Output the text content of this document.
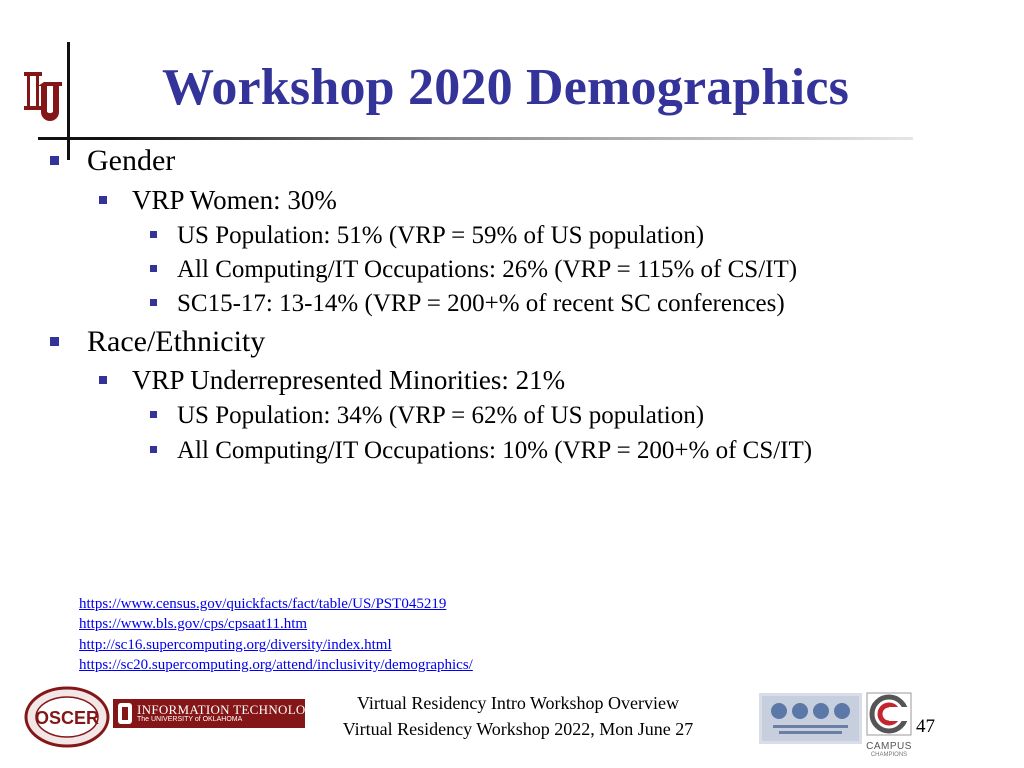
Workshop 2020 Demographics
Gender
VRP Women: 30%
US Population: 51% (VRP = 59% of US population)
All Computing/IT Occupations: 26% (VRP = 115% of CS/IT)
SC15-17: 13-14% (VRP = 200+% of recent SC conferences)
Race/Ethnicity
VRP Underrepresented Minorities: 21%
US Population: 34% (VRP = 62% of US population)
All Computing/IT Occupations: 10% (VRP = 200+% of CS/IT)
https://www.census.gov/quickfacts/fact/table/US/PST045219
https://www.bls.gov/cps/cpsaat11.htm
http://sc16.supercomputing.org/diversity/index.html
https://sc20.supercomputing.org/attend/inclusivity/demographics/
OSCER	INFORMATION TECHNOLOGY
The UNIVERSITY of OKLAHOMA
Virtual Residency Intro Workshop Overview
Virtual Residency Workshop 2022, Mon June 27
CAMPUS
CHAMPIONS
47
